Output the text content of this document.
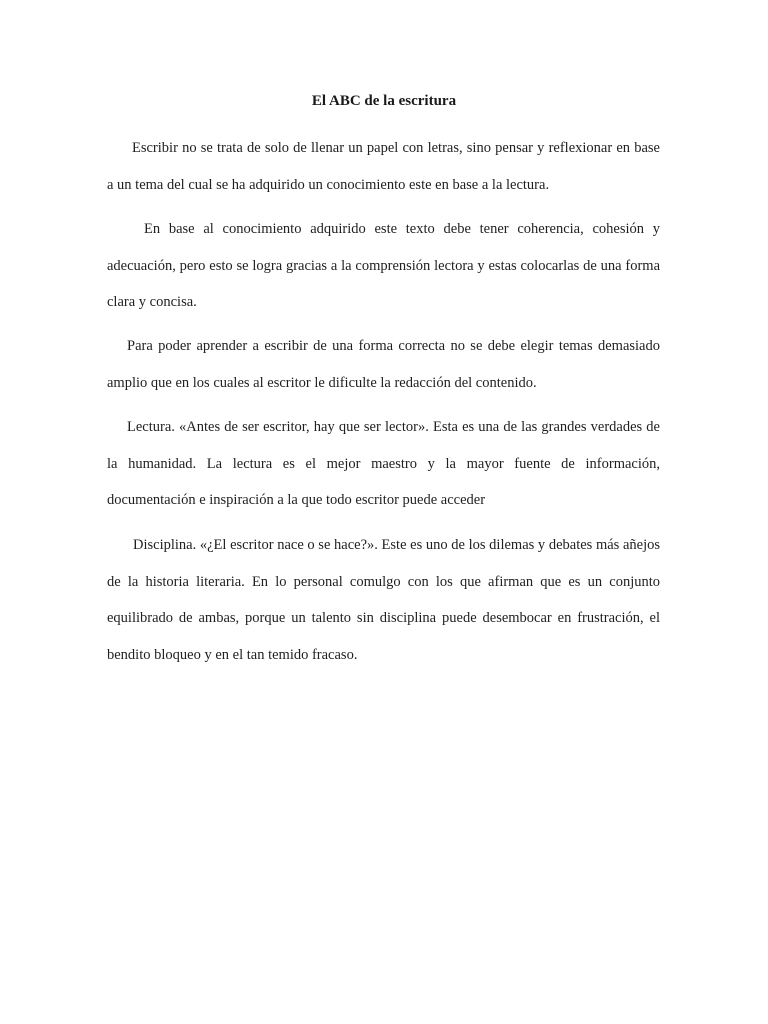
El ABC de la escritura

Escribir no se trata de solo de llenar un papel con letras, sino pensar y reflexionar en base a un tema del cual se ha adquirido un conocimiento este en base a la lectura.

En base al conocimiento adquirido este texto debe tener coherencia, cohesión y adecuación, pero esto se logra gracias a la comprensión lectora y estas colocarlas de una forma clara y concisa.

Para poder aprender a escribir de una forma correcta no se debe elegir temas demasiado amplio que en los cuales al escritor le dificulte la redacción del contenido.

Lectura. «Antes de ser escritor, hay que ser lector». Esta es una de las grandes verdades de la humanidad. La lectura es el mejor maestro y la mayor fuente de información, documentación e inspiración a la que todo escritor puede acceder

Disciplina. «¿El escritor nace o se hace?». Este es uno de los dilemas y debates más añejos de la historia literaria. En lo personal comulgo con los que afirman que es un conjunto equilibrado de ambas, porque un talento sin disciplina puede desembocar en frustración, el bendito bloqueo y en el tan temido fracaso.
